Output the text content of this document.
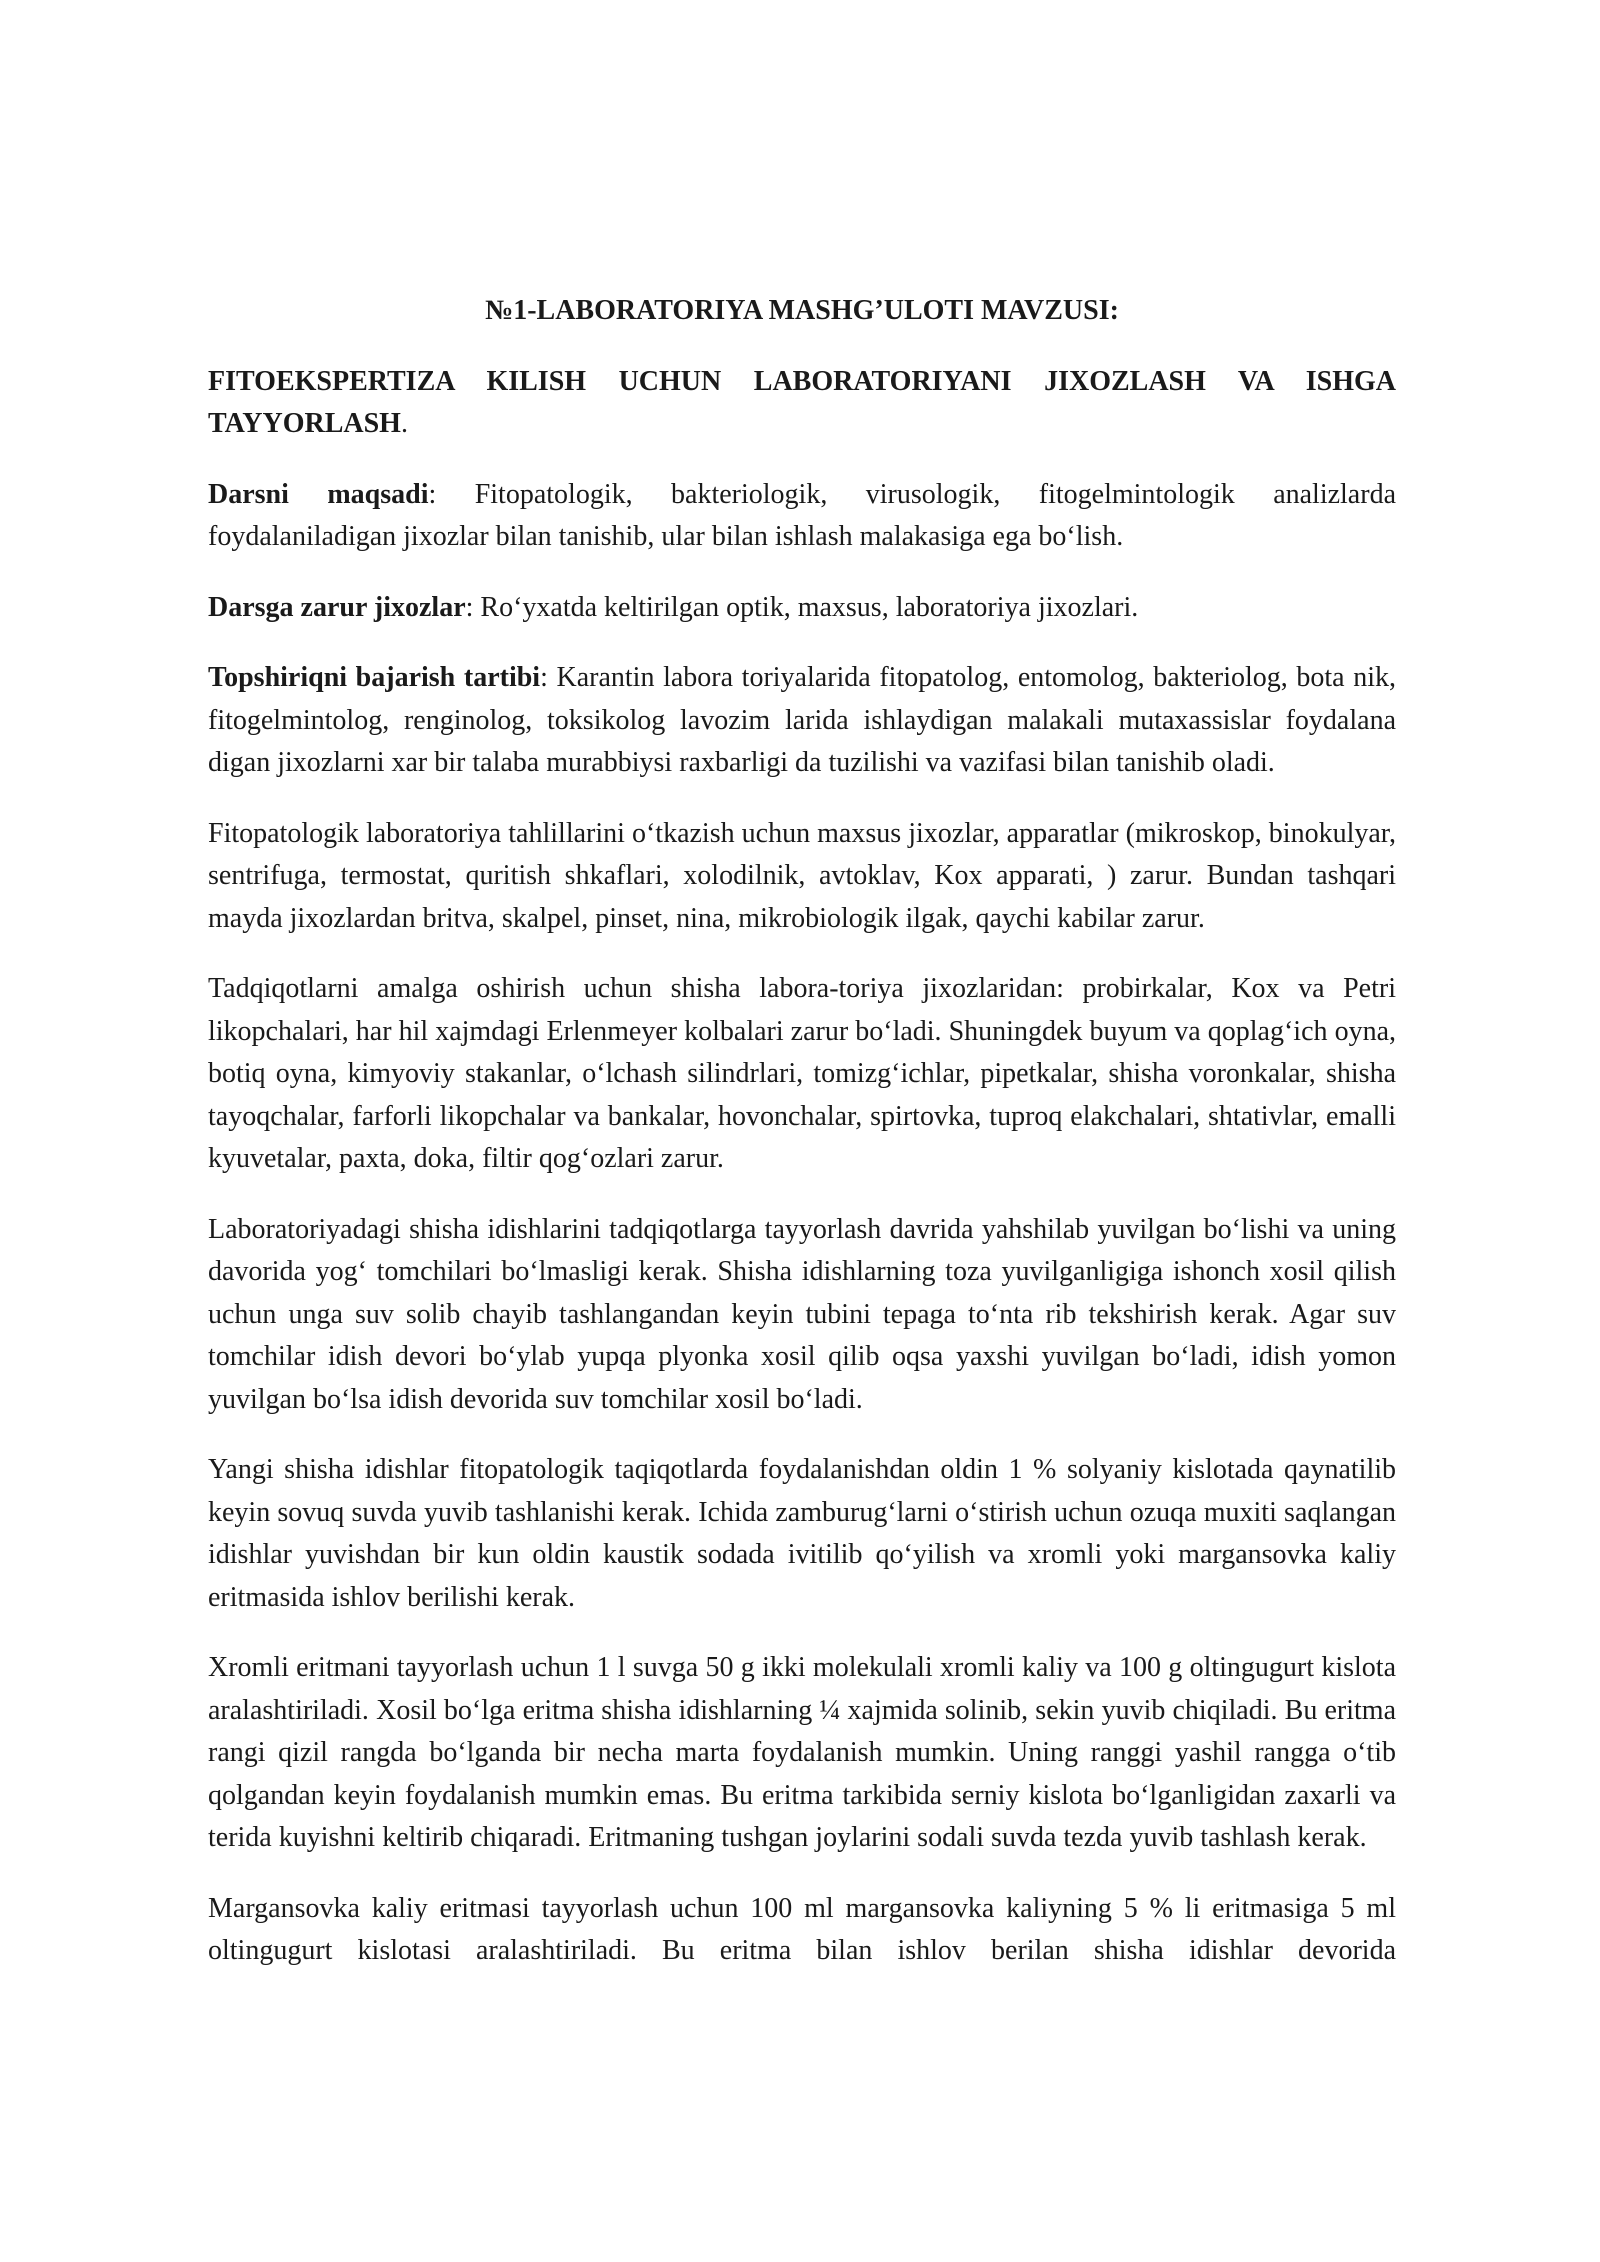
№1-LABORATORIYA MASHG’ULOTI MAVZUSI:
FITOEKSPERTIZA KILISH UCHUN LABORATORIYANI JIXOZLASH VA ISHGA TAYYORLASH.

Darsni maqsadi: Fitopatologik, bakteriologik, virusologik, fitogelmintologik analizlarda foydalaniladigan jixozlar bilan tanishib, ular bilan ishlash malakasiga ega bo‘lish.

Darsga zarur jixozlar: Ro‘yxatda keltirilgan optik, maxsus, laboratoriya jixozlari.

Topshiriqni bajarish tartibi: Karantin labora toriyalarida fitopatolog, entomolog, bakteriolog, bota nik, fitogelmintolog, renginolog, toksikolog lavozim larida ishlaydigan malakali mutaxassislar foydalana digan jixozlarni xar bir talaba murabbiysi raxbarligi da tuzilishi va vazifasi bilan tanishib oladi.

Fitopatologik laboratoriya tahlillarini o‘tkazish uchun maxsus jixozlar, apparatlar (mikroskop, binokulyar, sentrifuga, termostat, quritish shkaflari, xolodilnik, avtoklav, Kox apparati, ) zarur. Bundan tashqari mayda jixozlardan britva, skalpel, pinset, nina, mikrobiologik ilgak, qaychi kabilar zarur.

Tadqiqotlarni amalga oshirish uchun shisha labora-toriya jixozlaridan: probirkalar, Kox va Petri likopchalari, har hil xajmdagi Erlenmeyer kolbalari zarur bo‘ladi. Shuningdek buyum va qoplag‘ich oyna, botiq oyna, kimyoviy stakanlar, o‘lchash silindrlari, tomizg‘ichlar, pipetkalar, shisha voronkalar, shisha tayoqchalar, farforli likopchalar va bankalar, hovonchalar, spirtovka, tuproq elakchalari, shtativlar, emalli kyuvetalar, paxta, doka, filtir qog‘ozlari zarur.

Laboratoriyadagi shisha idishlarini tadqiqotlarga tayyorlash davrida yahshilab yuvilgan bo‘lishi va uning davorida yog‘ tomchilari bo‘lmasligi kerak. Shisha idishlarning toza yuvilganligiga ishonch xosil qilish uchun unga suv solib chayib tashlangandan keyin tubini tepaga to‘nta rib tekshirish kerak. Agar suv tomchilar idish devori bo‘ylab yupqa plyonka xosil qilib oqsa yaxshi yuvilgan bo‘ladi, idish yomon yuvilgan bo‘lsa idish devorida suv tomchilar xosil bo‘ladi.

Yangi shisha idishlar fitopatologik taqiqotlarda foydalanishdan oldin 1 % solyaniy kislotada qaynatilib keyin sovuq suvda yuvib tashlanishi kerak. Ichida zamburug‘larni o‘stirish uchun ozuqa muxiti saqlangan idishlar yuvishdan bir kun oldin kaustik sodada ivitilib qo‘yilish va xromli yoki margansovka kaliy eritmasida ishlov berilishi kerak.

Xromli eritmani tayyorlash uchun 1 l suvga 50 g ikki molekulali xromli kaliy va 100 g oltingugurt kislota aralashtiriladi. Xosil bo‘lga eritma shisha idishlarning ¼ xajmida solinib, sekin yuvib chiqiladi. Bu eritma rangi qizil rangda bo‘lganda bir necha marta foydalanish mumkin. Uning ranggi yashil rangga o‘tib qolgandan keyin foydalanish mumkin emas. Bu eritma tarkibida serniy kislota bo‘lganligidan zaxarli va terida kuyishni keltirib chiqaradi. Eritmaning tushgan joylarini sodali suvda tezda yuvib tashlash kerak.

Margansovka kaliy eritmasi tayyorlash uchun 100 ml margansovka kaliyning 5 % li eritmasiga 5 ml oltingugurt kislotasi aralashtiriladi. Bu eritma bilan ishlov berilan shisha idishlar devorida
